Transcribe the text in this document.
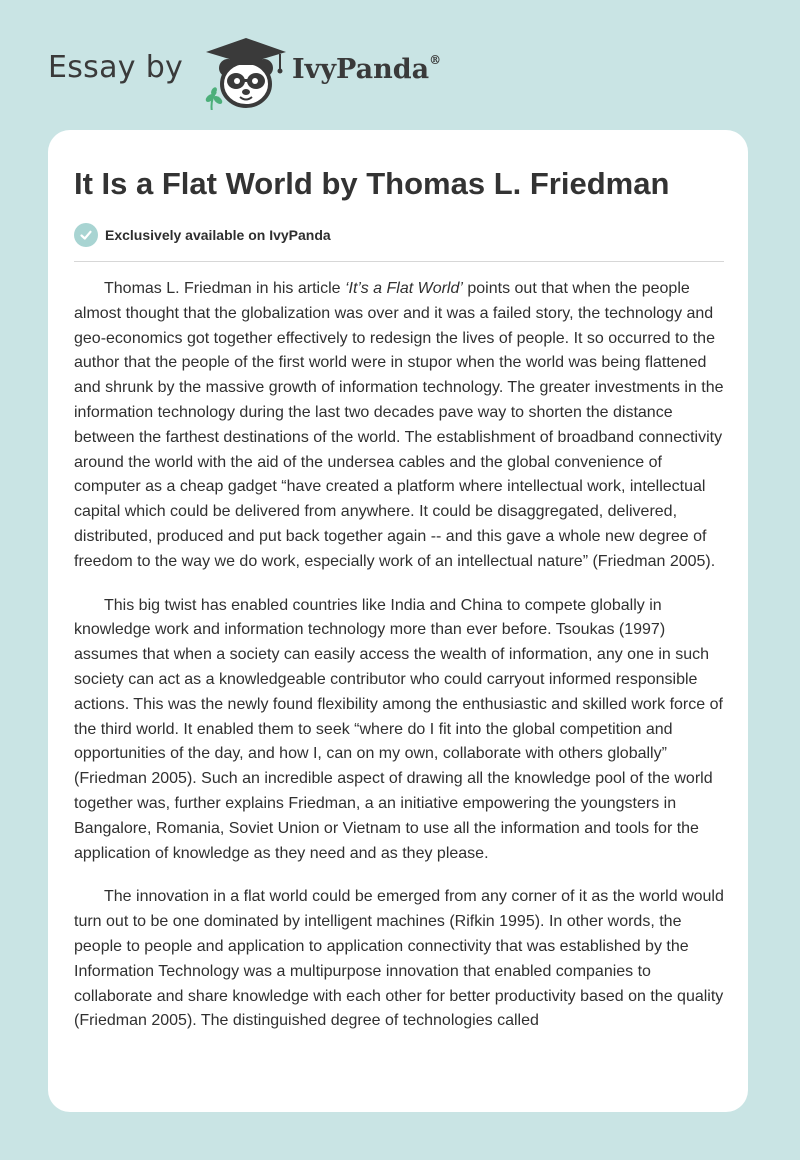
Essay by	IvyPanda®
It Is a Flat World by Thomas L. Friedman
Exclusively available on IvyPanda

Thomas L. Friedman in his article ‘It’s a Flat World’ points out that when the people almost thought that the globalization was over and it was a failed story, the technology and geo-economics got together effectively to redesign the lives of people. It so occurred to the author that the people of the first world were in stupor when the world was being flattened and shrunk by the massive growth of information technology. The greater investments in the information technology during the last two decades pave way to shorten the distance between the farthest destinations of the world. The establishment of broadband connectivity around the world with the aid of the undersea cables and the global convenience of computer as a cheap gadget “have created a platform where intellectual work, intellectual capital which could be delivered from anywhere. It could be disaggregated, delivered, distributed, produced and put back together again -- and this gave a whole new degree of freedom to the way we do work, especially work of an intellectual nature” (Friedman 2005).

This big twist has enabled countries like India and China to compete globally in knowledge work and information technology more than ever before. Tsoukas (1997) assumes that when a society can easily access the wealth of information, any one in such society can act as a knowledgeable contributor who could carryout informed responsible actions. This was the newly found flexibility among the enthusiastic and skilled work force of the third world. It enabled them to seek “where do I fit into the global competition and opportunities of the day, and how I, can on my own, collaborate with others globally” (Friedman 2005). Such an incredible aspect of drawing all the knowledge pool of the world together was, further explains Friedman, a an initiative empowering the youngsters in Bangalore, Romania, Soviet Union or Vietnam to use all the information and tools for the application of knowledge as they need and as they please.

The innovation in a flat world could be emerged from any corner of it as the world would turn out to be one dominated by intelligent machines (Rifkin 1995). In other words, the people to people and application to application connectivity that was established by the Information Technology was a multipurpose innovation that enabled companies to collaborate and share knowledge with each other for better productivity based on the quality (Friedman 2005). The distinguished degree of technologies called
